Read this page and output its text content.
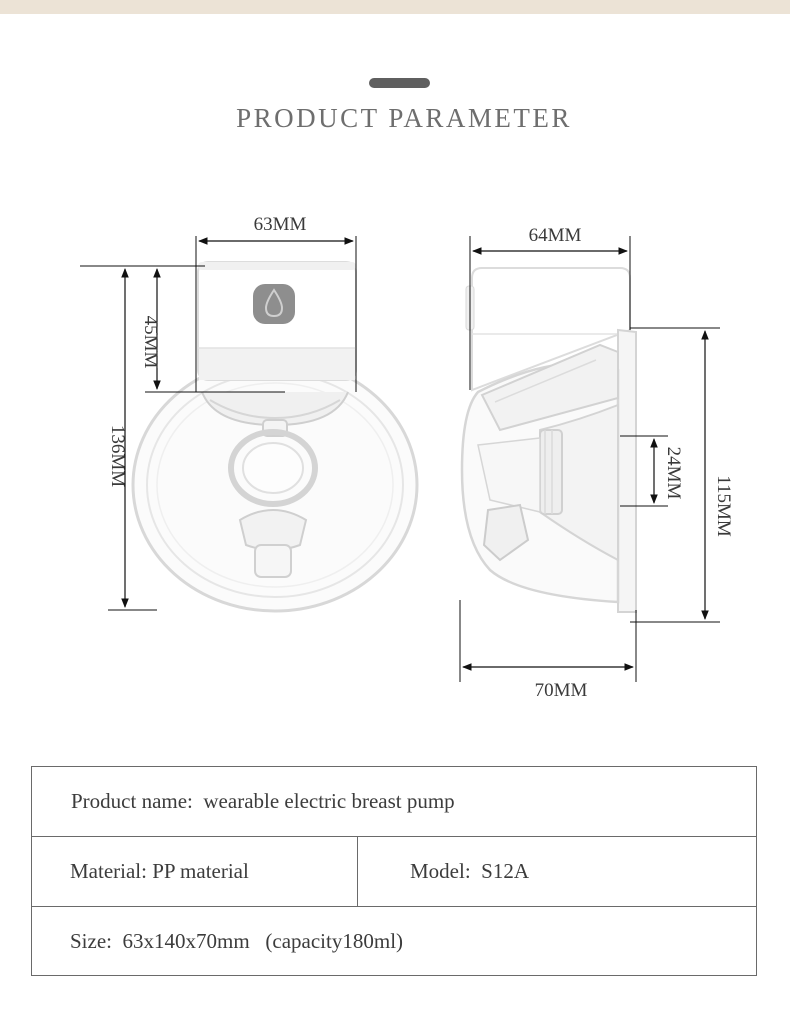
PRODUCT PARAMETER
63MM
136MM
45MM
64MM
70MM
115MM
24MM
Product name:  wearable electric breast pump
Material: PP material	Model:  S12A
Size:  63x140x70mm   (capacity180ml)
